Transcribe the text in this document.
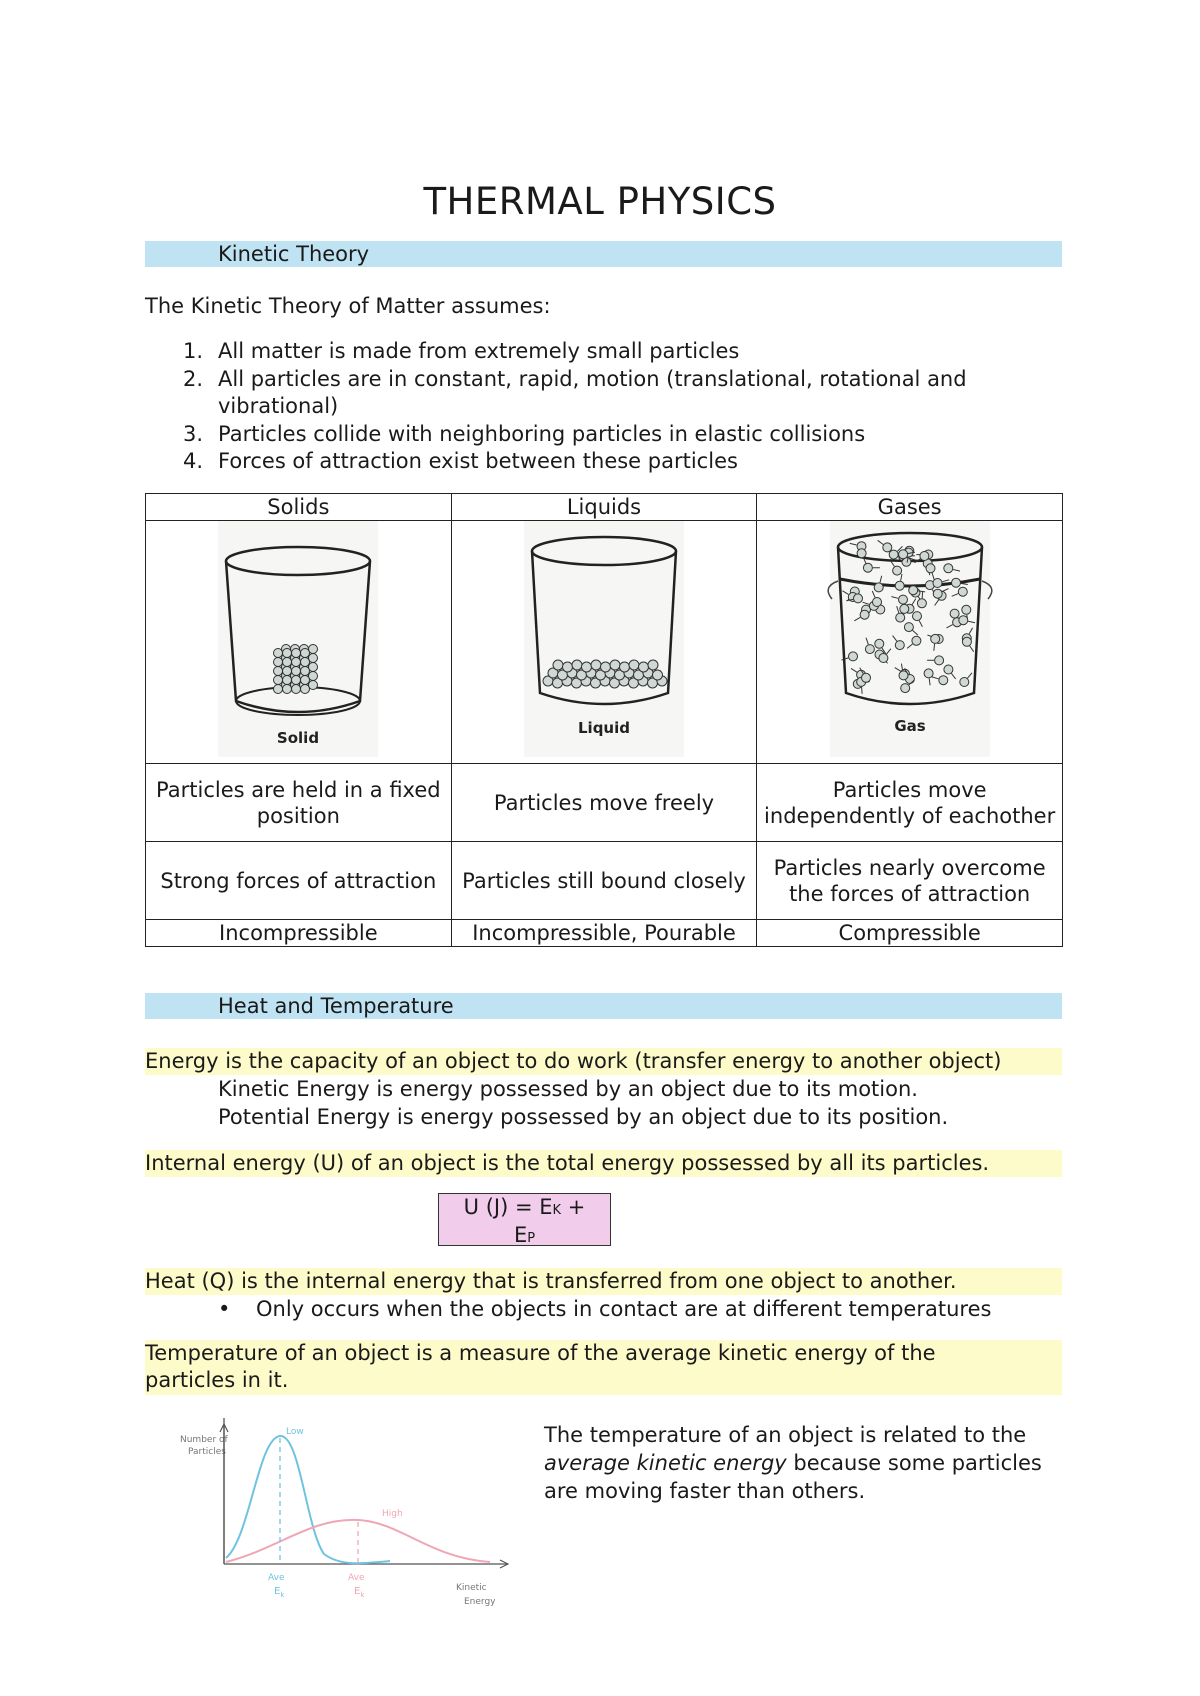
THERMAL PHYSICS
Kinetic Theory
The Kinetic Theory of Matter assumes:
1. All matter is made from extremely small particles
2. All particles are in constant, rapid, motion (translational, rotational and
vibrational)
3. Particles collide with neighboring particles in elastic collisions
4. Forces of attraction exist between these particles
Solids	Liquids	Gases

Solid	Liquid	Gas

Particles are held in a fixed position	Particles move freely	Particles move independently of eachother
Strong forces of attraction	Particles still bound closely	Particles nearly overcome the forces of attraction
Incompressible	Incompressible, Pourable	Compressible
Heat and Temperature
Energy is the capacity of an object to do work (transfer energy to another object)
Kinetic Energy is energy possessed by an object due to its motion.
Potential Energy is energy possessed by an object due to its position.
Internal energy (U) of an object is the total energy possessed by all its particles.
U (J) = EK +
EP
Heat (Q) is the internal energy that is transferred from one object to another.
• Only occurs when the objects in contact are at different temperatures
Temperature of an object is a measure of the average kinetic energy of the
particles in it.
Number of
Particles
Low
High
Ave
$E_k$
Ave
$E_k$
Kinetic
Energy
The temperature of an object is related to the average kinetic energy because some particles are moving faster than others.
